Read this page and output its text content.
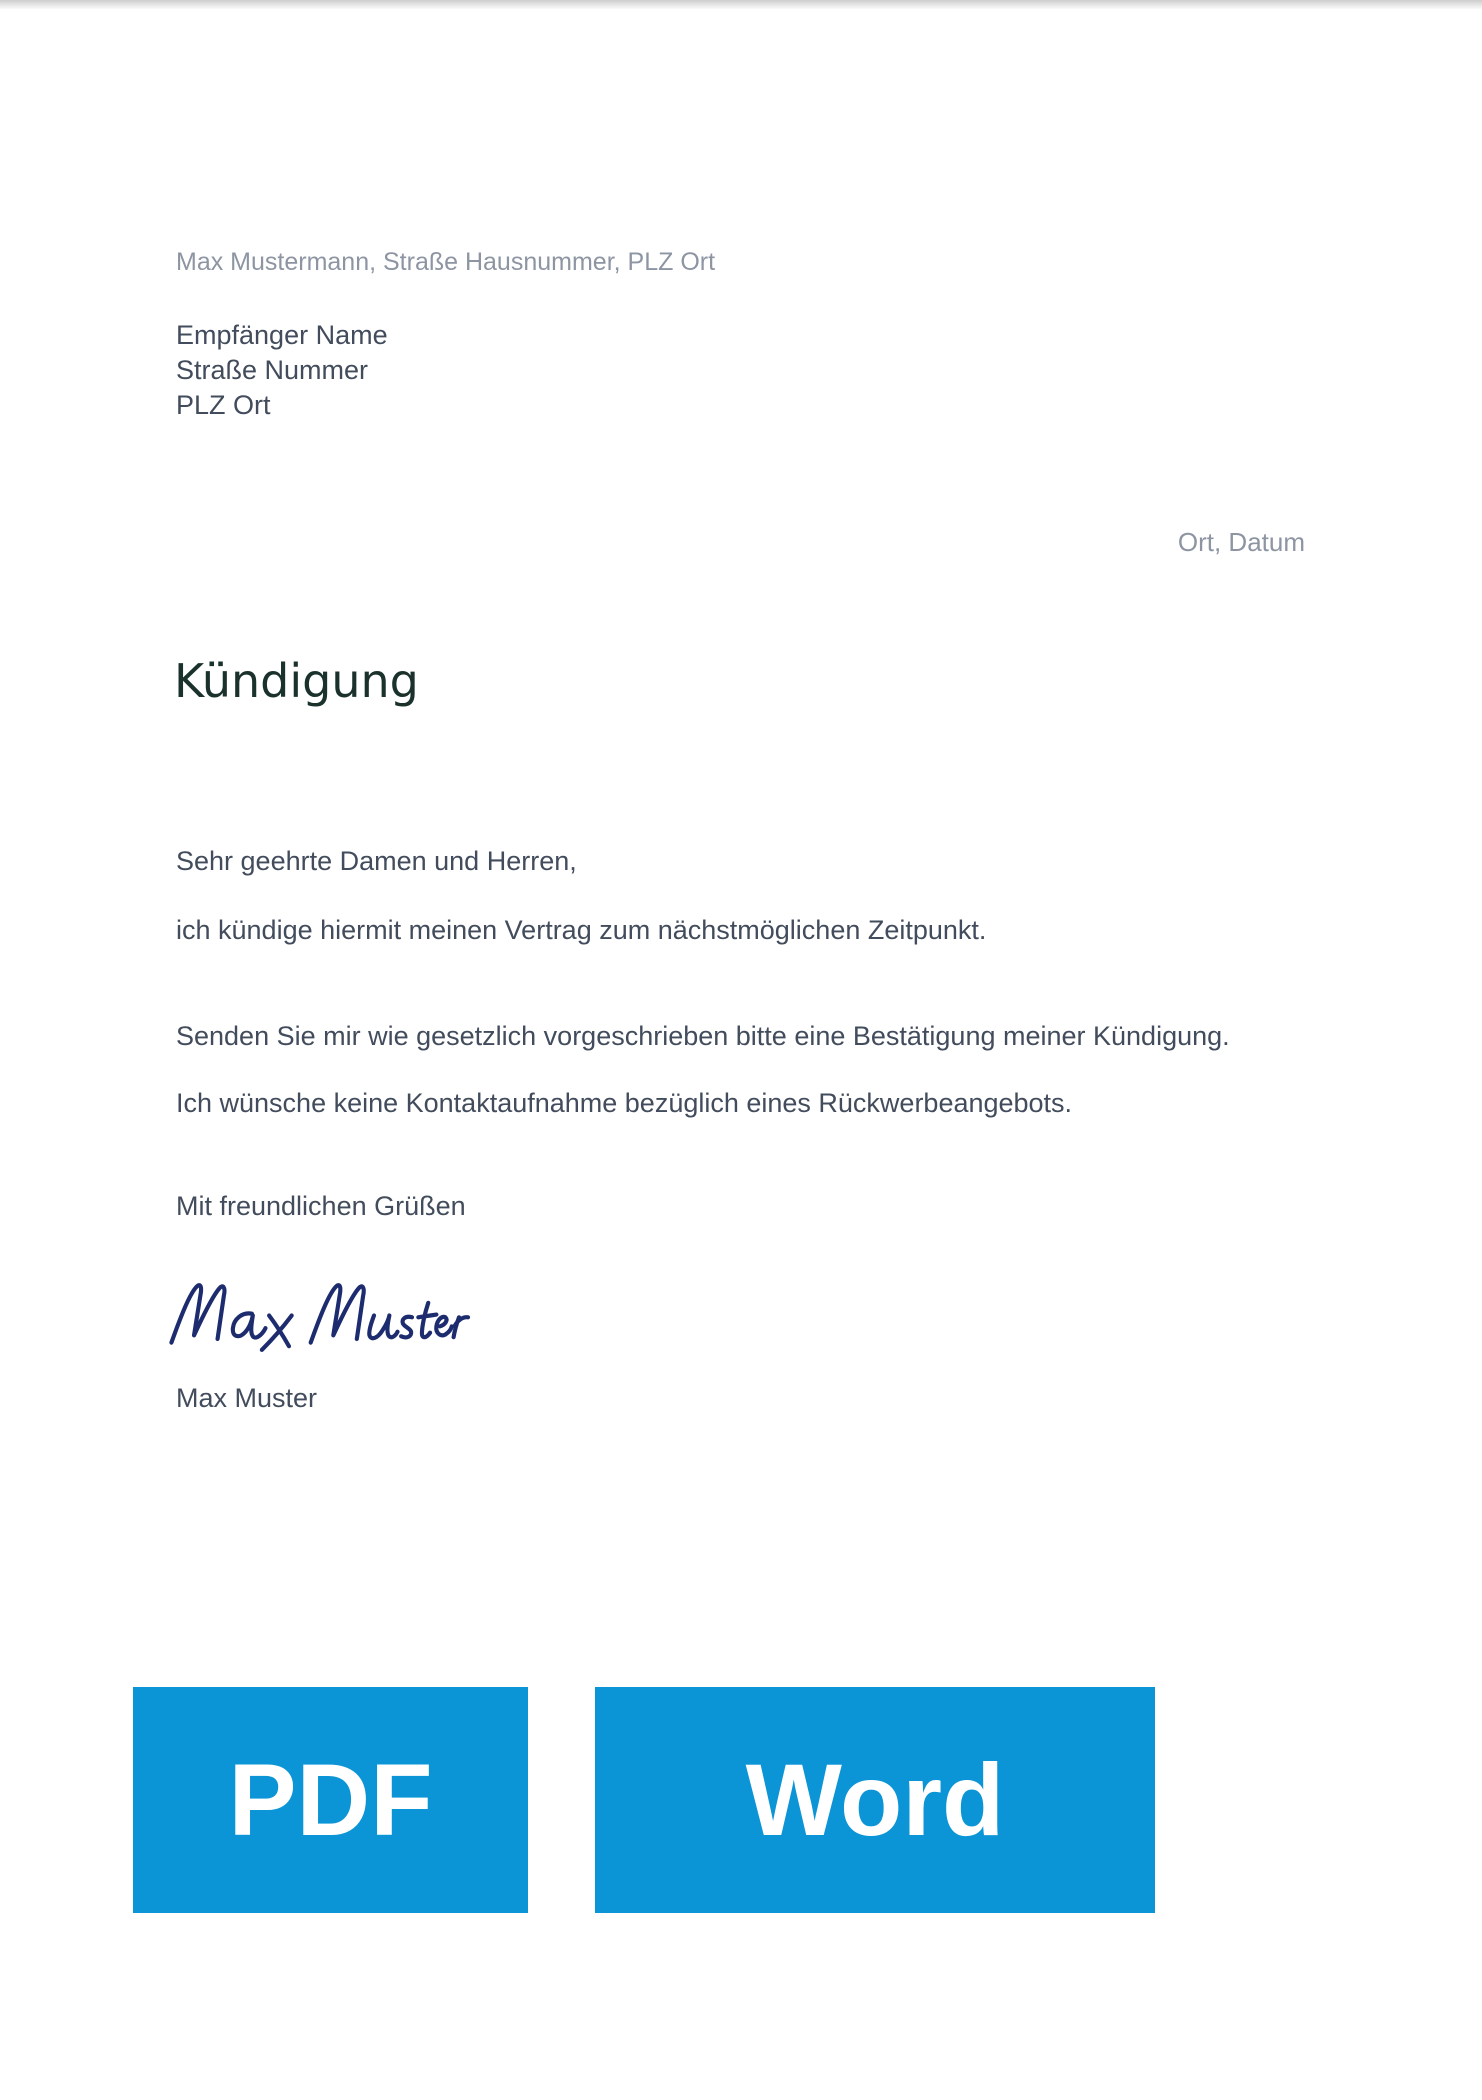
Max Mustermann, Straße Hausnummer, PLZ Ort
Empfänger Name
Straße Nummer
PLZ Ort
Ort, Datum
Kündigung
Sehr geehrte Damen und Herren,
ich kündige hiermit meinen Vertrag zum nächstmöglichen Zeitpunkt.
Senden Sie mir wie gesetzlich vorgeschrieben bitte eine Bestätigung meiner Kündigung.
Ich wünsche keine Kontaktaufnahme bezüglich eines Rückwerbeangebots.
Mit freundlichen Grüßen
Max Muster
PDF	Word
